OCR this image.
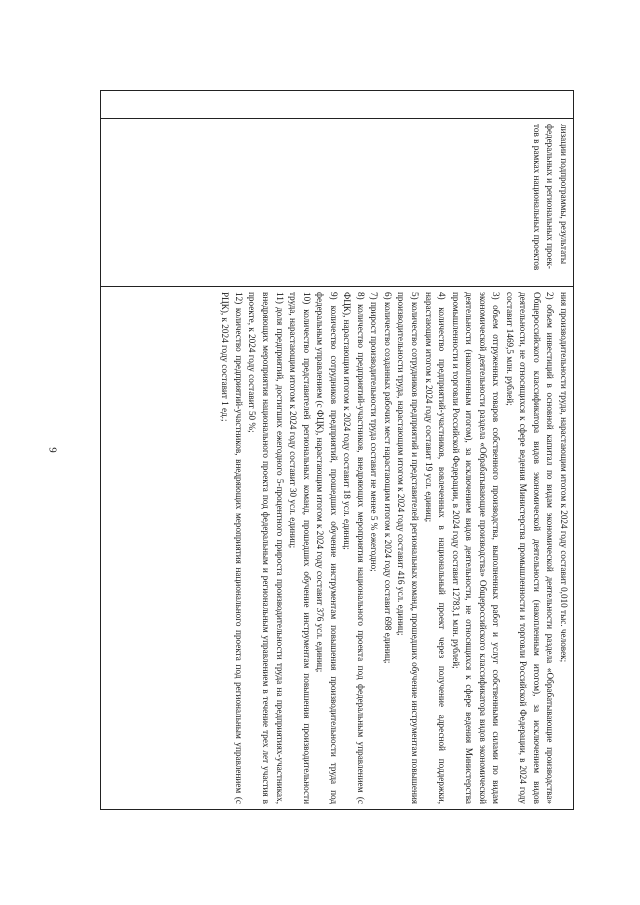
9

лизации подпрограммы, результаты

федеральных и региональных проек-

тов в рамках национальных проектов

ния производительности труда, нарастающим итогом к 2024 году составит 0,010 тыс. человек;

2) объем инвестиций в основной капитал по видам экономической деятельности раздела «Обрабатывающие производства» Общероссийского классификатора видов экономической деятельности (накопленным итогом), за исключением видов деятельности, не относящихся к сфере ведения Министерства промышленности и торговли Российской Федерации, в 2024 году составит 1469,5 млн. рублей;

3) объем отгруженных товаров собственного производства, выполненных работ и услуг собственными силами по видам экономической деятельности раздела «Обрабатывающие производства» Общероссийского классификатора видов экономической деятельности (накопленным итогом), за исключением видов деятельности, не относящихся к сфере ведения Министерства промышленности и торговли Российской Федерации, в 2024 году составит 12783,1 млн. рублей;

4) количество предприятий-участников, вовлеченных в национальный проект через получение адресной поддержки, нарастающим итогом к 2024 году составит 19 усл. единиц;

5) количество сотрудников предприятий и представителей региональных команд, прошедших обучение инструментам повышения производительности труда, нарастающим итогом к 2024 году составит 416 усл. единиц;

6) количество созданных рабочих мест нарастающим итогом к 2024 году составит 698 единиц;

7) прирост производительности труда составит не менее 5 % ежегодно;

8) количество предприятий-участников, внедряющих мероприятия национального проекта под федеральным управлением (с ФЦК), нарастающим итогом к 2024 году составит 18 усл. единиц;

9) количество сотрудников предприятий, прошедших обучение инструментам повышения производительности труда под федеральным управлением (с ФЦК), нарастающим итогом к 2024 году составит 376 усл. единиц;

10) количество представителей региональных команд, прошедших обучение инструментам повышения производительности труда, нарастающим итогом к 2024 году составит 30 усл. единиц;

11) доля предприятий, достигших ежегодного 5-процентного прироста производительности труда на предприятиях-участниках, внедряющих мероприятия национального проекта под федеральным и региональным управлением в течение трех лет участия в проекте, к 2024 году составит 50 %;

12) количество предприятий-участников, внедряющих мероприятия национального проекта под региональным управлением (с РЦК), к 2024 году составит 1 ед.;
